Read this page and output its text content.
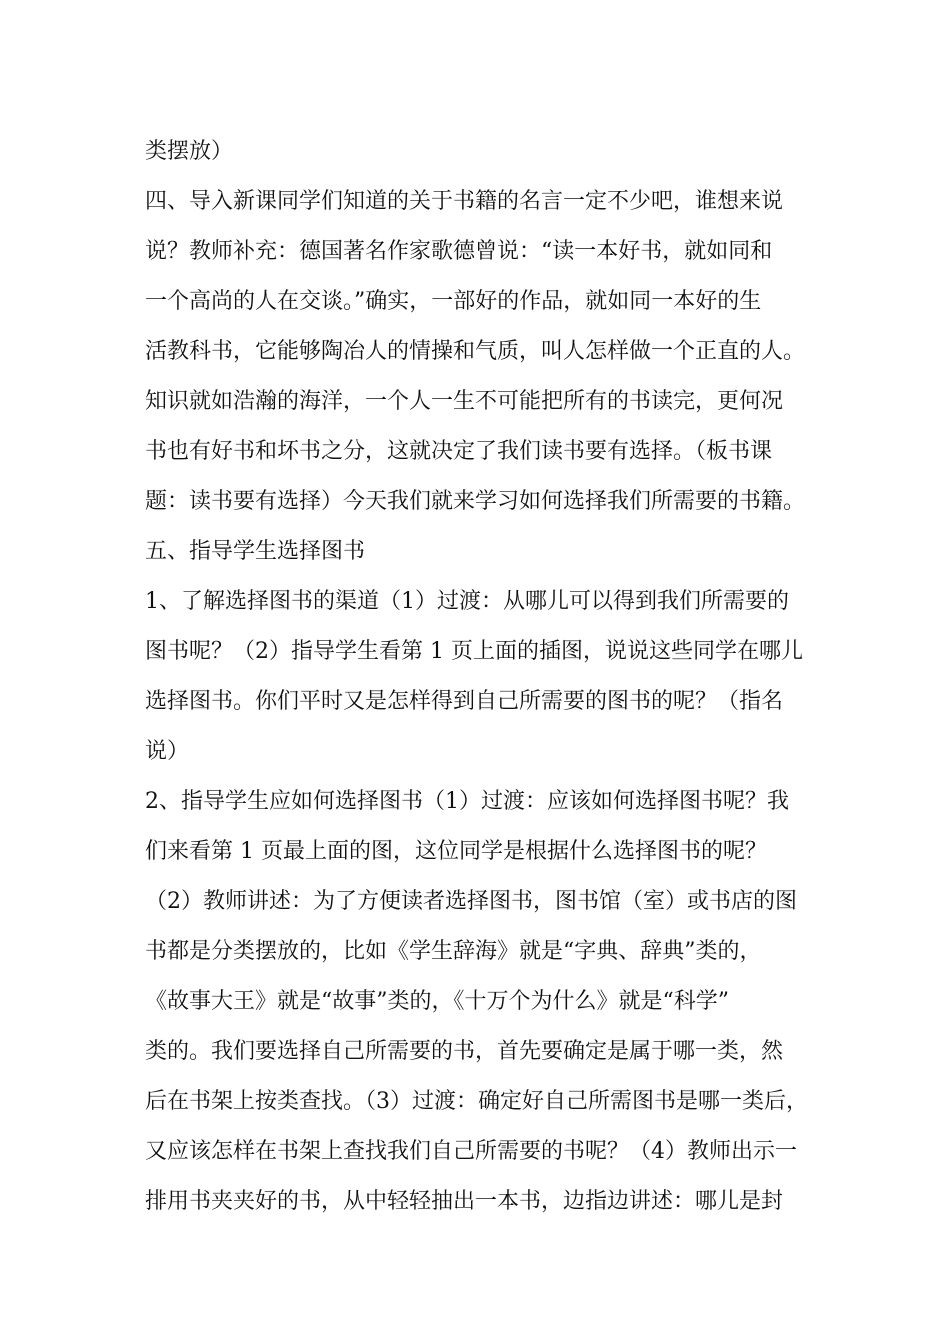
类摆放）
四、导入新课同学们知道的关于书籍的名言一定不少吧，谁想来说
说？教师补充：德国著名作家歌德曾说：“读一本好书，就如同和
一个高尚的人在交谈。”确实，一部好的作品，就如同一本好的生
活教科书，它能够陶冶人的情操和气质，叫人怎样做一个正直的人。
知识就如浩瀚的海洋，一个人一生不可能把所有的书读完，更何况
书也有好书和坏书之分，这就决定了我们读书要有选择。（板书课
题：读书要有选择）今天我们就来学习如何选择我们所需要的书籍。
五、指导学生选择图书
1、了解选择图书的渠道（1）过渡：从哪儿可以得到我们所需要的
图书呢？（2）指导学生看第 1 页上面的插图，说说这些同学在哪儿
选择图书。你们平时又是怎样得到自己所需要的图书的呢？（指名
说）
2、指导学生应如何选择图书（1）过渡：应该如何选择图书呢？我
们来看第 1 页最上面的图，这位同学是根据什么选择图书的呢？
（2）教师讲述：为了方便读者选择图书，图书馆（室）或书店的图
书都是分类摆放的，比如《学生辞海》就是“字典、辞典”类的，
《故事大王》就是“故事”类的，《十万个为什么》就是“科学”
类的。我们要选择自己所需要的书，首先要确定是属于哪一类，然
后在书架上按类查找。（3）过渡：确定好自己所需图书是哪一类后，
又应该怎样在书架上查找我们自己所需要的书呢？（4）教师出示一
排用书夹夹好的书，从中轻轻抽出一本书，边指边讲述：哪儿是封
